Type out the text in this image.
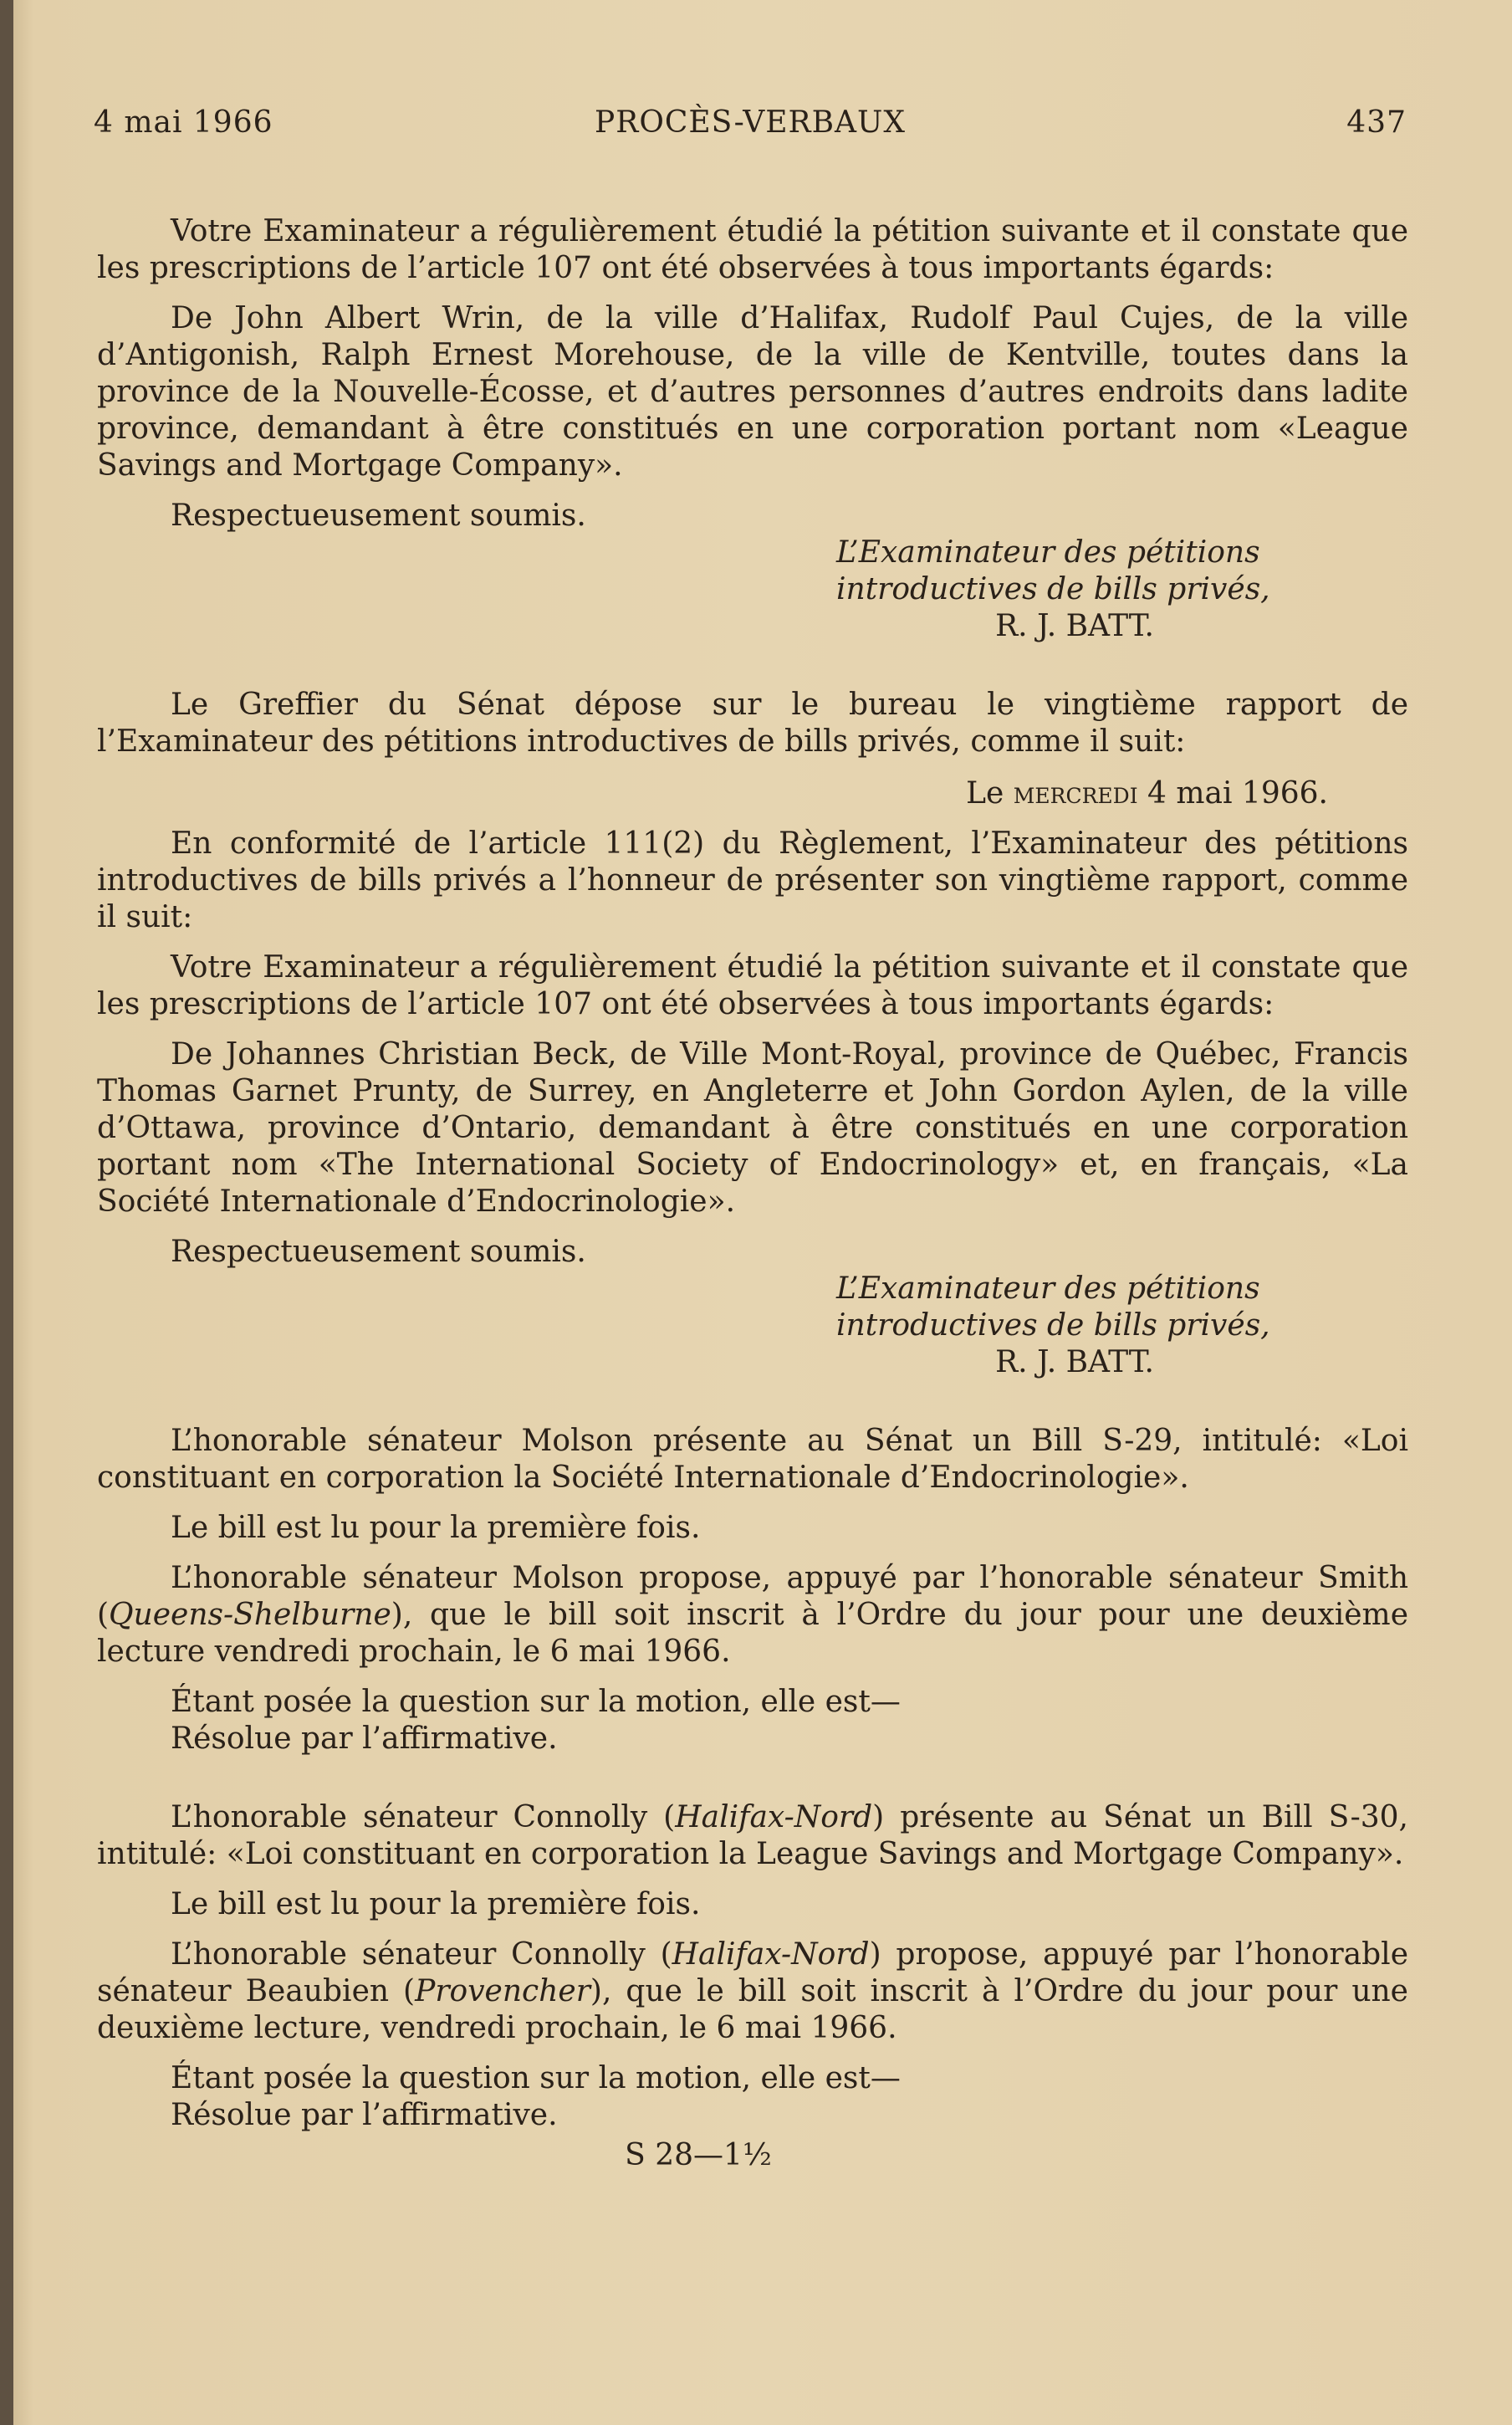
4 mai 1966	PROCÈS-VERBAUX	437

Votre Examinateur a régulièrement étudié la pétition suivante et il constate que les prescriptions de l’article 107 ont été observées à tous importants égards:

De John Albert Wrin, de la ville d’Halifax, Rudolf Paul Cujes, de la ville d’Antigonish, Ralph Ernest Morehouse, de la ville de Kentville, toutes dans la province de la Nouvelle-Écosse, et d’autres personnes d’autres endroits dans ladite province, demandant à être constitués en une corporation portant nom «League Savings and Mortgage Company».

Respectueusement soumis.

L’Examinateur des pétitions

introductives de bills privés,

R. J. BATT.

Le Greffier du Sénat dépose sur le bureau le vingtième rapport de l’Examinateur des pétitions introductives de bills privés, comme il suit:

Le mercredi 4 mai 1966.

En conformité de l’article 111(2) du Règlement, l’Examinateur des pétitions introductives de bills privés a l’honneur de présenter son vingtième rapport, comme il suit:

Votre Examinateur a régulièrement étudié la pétition suivante et il constate que les prescriptions de l’article 107 ont été observées à tous importants égards:

De Johannes Christian Beck, de Ville Mont-Royal, province de Québec, Francis Thomas Garnet Prunty, de Surrey, en Angleterre et John Gordon Aylen, de la ville d’Ottawa, province d’Ontario, demandant à être constitués en une corporation portant nom «The International Society of Endocrinology» et, en français, «La Société Internationale d’Endocrinologie».

Respectueusement soumis.

L’Examinateur des pétitions

introductives de bills privés,

R. J. BATT.

L’honorable sénateur Molson présente au Sénat un Bill S-29, intitulé: «Loi constituant en corporation la Société Internationale d’Endocrinologie».

Le bill est lu pour la première fois.

L’honorable sénateur Molson propose, appuyé par l’honorable sénateur Smith (Queens-Shelburne), que le bill soit inscrit à l’Ordre du jour pour une deuxième lecture vendredi prochain, le 6 mai 1966.

Étant posée la question sur la motion, elle est—

Résolue par l’affirmative.

L’honorable sénateur Connolly (Halifax-Nord) présente au Sénat un Bill S-30, intitulé: «Loi constituant en corporation la League Savings and Mortgage Company».

Le bill est lu pour la première fois.

L’honorable sénateur Connolly (Halifax-Nord) propose, appuyé par l’honorable sénateur Beaubien (Provencher), que le bill soit inscrit à l’Ordre du jour pour une deuxième lecture, vendredi prochain, le 6 mai 1966.

Étant posée la question sur la motion, elle est—

Résolue par l’affirmative.

S 28—1½
